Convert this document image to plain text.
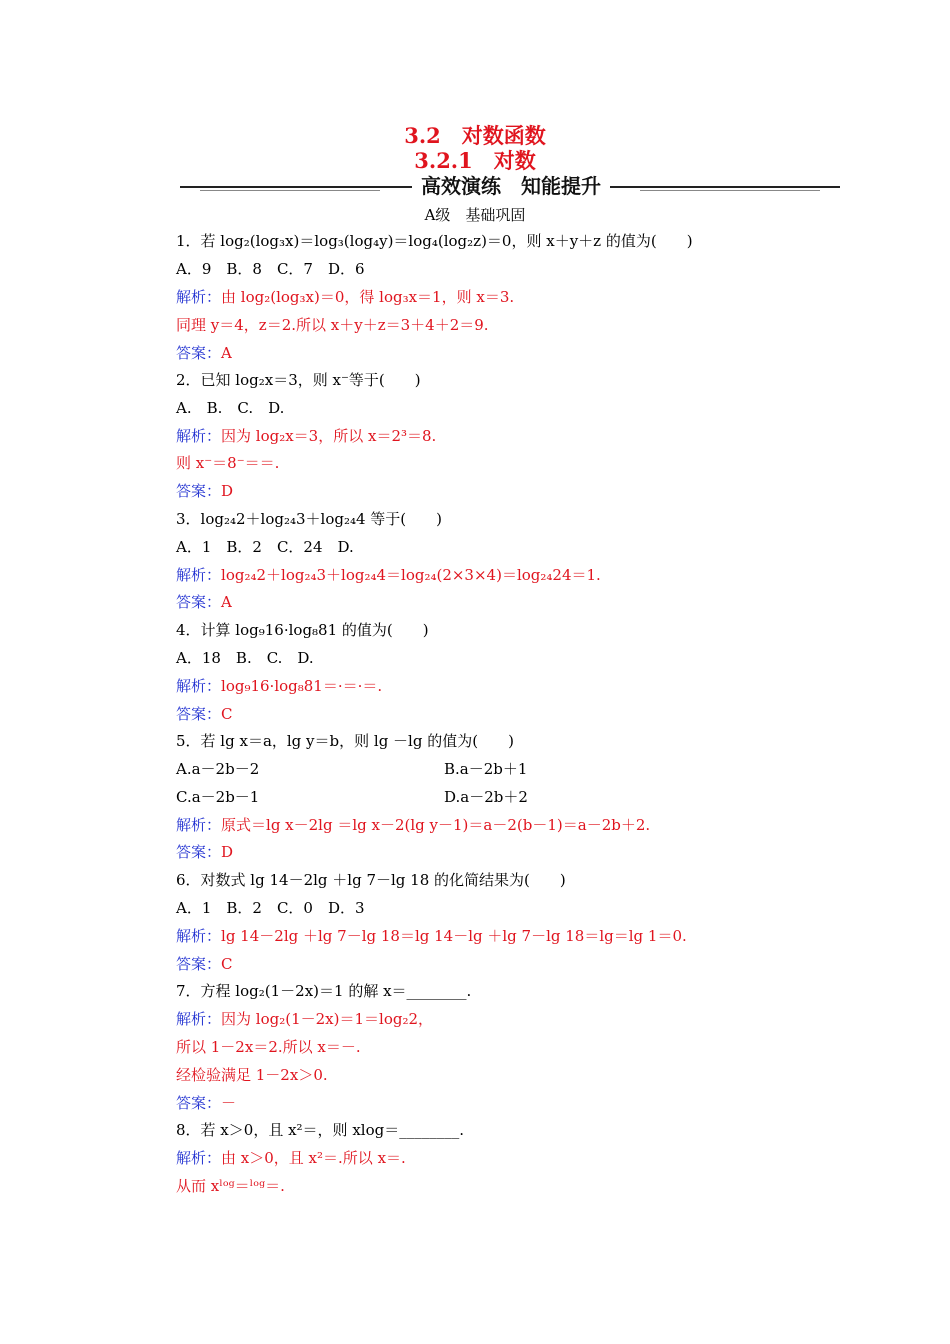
3.2　对数函数
3.2.1　对数
高效演练　知能提升
A级　基础巩固
1．若 log₂(log₃x)＝log₃(log₄y)＝log₄(log₂z)＝0，则 x＋y＋z 的值为(　　)
A．9　B．8　C．7　D．6
解析：由 log₂(log₃x)＝0，得 log₃x＝1，则 x＝3.
同理 y＝4，z＝2.所以 x＋y＋z＝3＋4＋2＝9.
答案：A
2．已知 log₂x＝3，则 x⁻等于(　　)
A.　B.　C.　D.
解析：因为 log₂x＝3，所以 x＝2³＝8.
则 x⁻＝8⁻＝＝.
答案：D
3．log₂₄2＋log₂₄3＋log₂₄4 等于(　　)
A．1　B．2　C．24　D.
解析：log₂₄2＋log₂₄3＋log₂₄4＝log₂₄(2×3×4)＝log₂₄24＝1.
答案：A
4．计算 log₉16·log₈81 的值为(　　)
A．18　B.　C.　D.
解析：log₉16·log₈81＝·＝·＝.
答案：C
5．若 lg x＝a，lg y＝b，则 lg －lg 的值为(　　)
A.a－2b－2	B.a－2b＋1
C.a－2b－1	D.a－2b＋2
解析：原式＝lg x－2lg ＝lg x－2(lg y－1)＝a－2(b－1)＝a－2b＋2.
答案：D
6．对数式 lg 14－2lg ＋lg 7－lg 18 的化简结果为(　　)
A．1　B．2　C．0　D．3
解析：lg 14－2lg ＋lg 7－lg 18＝lg 14－lg ＋lg 7－lg 18＝lg＝lg 1＝0.
答案：C
7．方程 log₂(1－2x)＝1 的解 x＝________.
解析：因为 log₂(1－2x)＝1＝log₂2，
所以 1－2x＝2.所以 x＝－.
经检验满足 1－2x＞0.
答案：－
8．若 x＞0，且 x²＝，则 xlog＝________.
解析：由 x＞0，且 x²＝.所以 x＝.
从而 xˡᵒᵍ＝ˡᵒᵍ＝.
